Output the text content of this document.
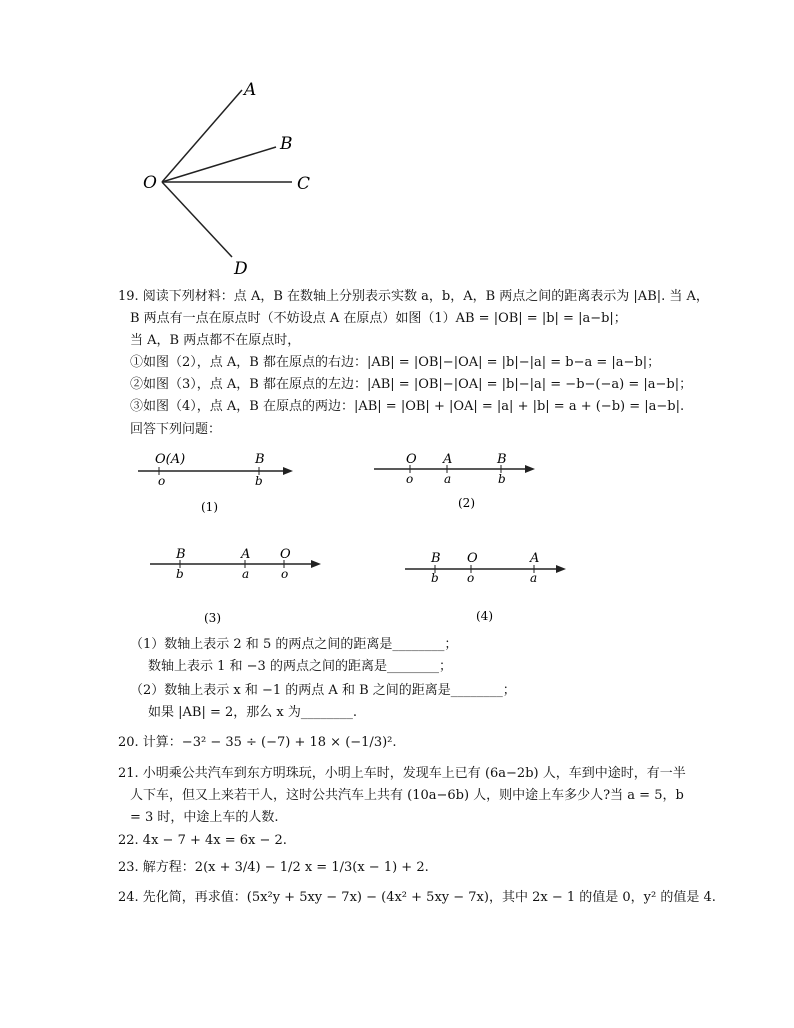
O
A
B
C
D
19. 阅读下列材料：点 A，B 在数轴上分别表示实数 a，b，A，B 两点之间的距离表示为 |AB|. 当 A，
B 两点有一点在原点时（不妨设点 A 在原点）如图（1）AB = |OB| = |b| = |a−b|；
当 A，B 两点都不在原点时，
①如图（2），点 A，B 都在原点的右边：|AB| = |OB|−|OA| = |b|−|a| = b−a = |a−b|；
②如图（3），点 A，B 都在原点的左边：|AB| = |OB|−|OA| = |b|−|a| = −b−(−a) = |a−b|；
③如图（4），点 A，B 在原点的两边：|AB| = |OB| + |OA| = |a| + |b| = a + (−b) = |a−b|.
回答下列问题：
O(A)	B
o	b
(1)
O A	B
o	a	b
(2)
B	A O
b	a	o
(3)
B O	A
b o	a
(4)
（1）数轴上表示 2 和 5 的两点之间的距离是________；
数轴上表示 1 和 −3 的两点之间的距离是________；
（2）数轴上表示 x 和 −1 的两点 A 和 B 之间的距离是________；
如果 |AB| = 2，那么 x 为________.
20. 计算：−3² − 35 ÷ (−7) + 18 × (−1/3)².
21. 小明乘公共汽车到东方明珠玩，小明上车时，发现车上已有 (6a−2b) 人，车到中途时，有一半
人下车，但又上来若干人，这时公共汽车上共有 (10a−6b) 人，则中途上车多少人?当 a = 5，b
= 3 时，中途上车的人数.
22. 4x − 7 + 4x = 6x − 2.
23. 解方程：2(x + 3/4) − 1/2 x = 1/3(x − 1) + 2.
24. 先化简，再求值：(5x²y + 5xy − 7x) − (4x² + 5xy − 7x)，其中 2x − 1 的值是 0，y² 的值是 4.
